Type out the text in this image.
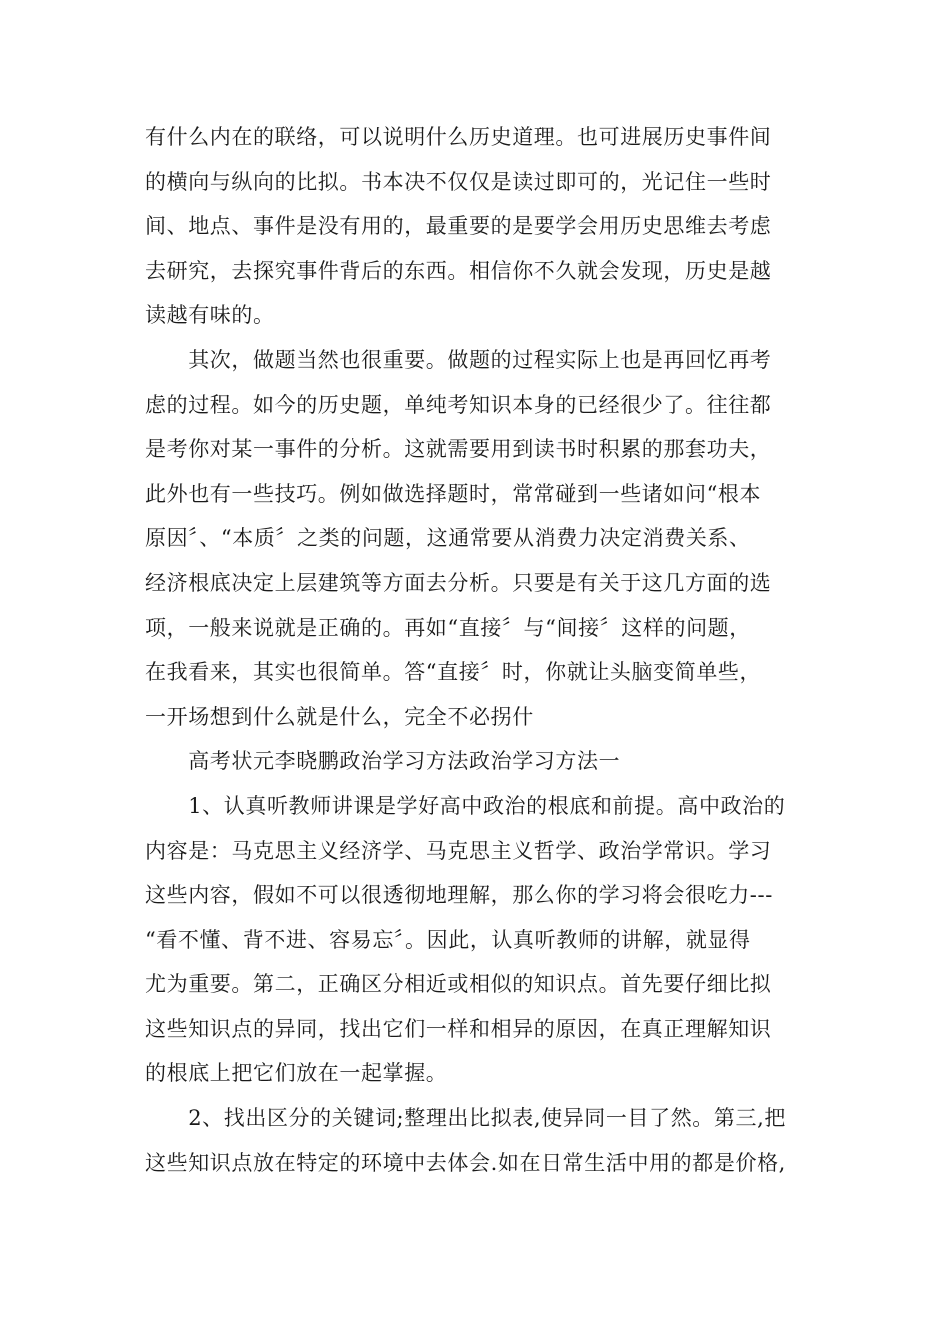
有什么内在的联络，可以说明什么历史道理。也可进展历史事件间
的横向与纵向的比拟。书本决不仅仅是读过即可的，光记住一些时
间、地点、事件是没有用的，最重要的是要学会用历史思维去考虑
去研究，去探究事件背后的东西。相信你不久就会发现，历史是越
读越有味的。
　　其次，做题当然也很重要。做题的过程实际上也是再回忆再考
虑的过程。如今的历史题，单纯考知识本身的已经很少了。往往都
是考你对某一事件的分析。这就需要用到读书时积累的那套功夫，
此外也有一些技巧。例如做选择题时，常常碰到一些诸如问“根本
原因〞、“本质〞之类的问题，这通常要从消费力决定消费关系、
经济根底决定上层建筑等方面去分析。只要是有关于这几方面的选
项，一般来说就是正确的。再如“直接〞与“间接〞这样的问题，
在我看来，其实也很简单。答“直接〞时，你就让头脑变简单些，
一开场想到什么就是什么，完全不必拐什
　　高考状元李晓鹏政治学习方法政治学习方法一
　　1、认真听教师讲课是学好高中政治的根底和前提。高中政治的
内容是：马克思主义经济学、马克思主义哲学、政治学常识。学习
这些内容，假如不可以很透彻地理解，那么你的学习将会很吃力---
“看不懂、背不进、容易忘〞。因此，认真听教师的讲解，就显得
尤为重要。第二，正确区分相近或相似的知识点。首先要仔细比拟
这些知识点的异同，找出它们一样和相异的原因，在真正理解知识
的根底上把它们放在一起掌握。
　　2、找出区分的关键词;整理出比拟表,使异同一目了然。第三,把
这些知识点放在特定的环境中去体会.如在日常生活中用的都是价格,
